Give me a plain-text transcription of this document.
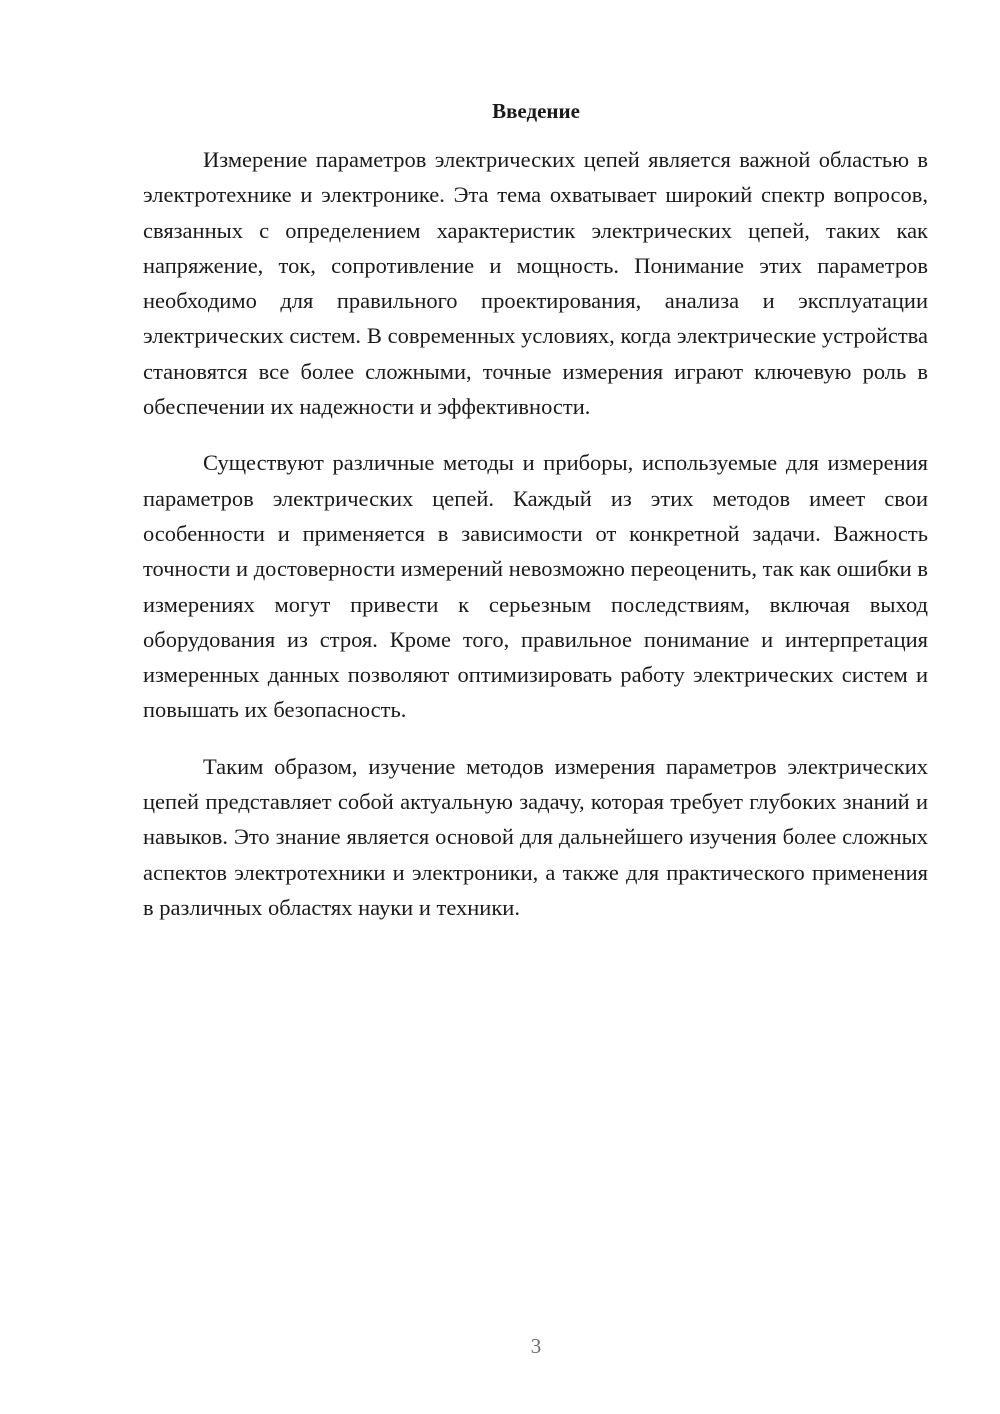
Введение

Измерение параметров электрических цепей является важной областью в электротехнике и электронике. Эта тема охватывает широкий спектр вопросов, связанных с определением характеристик электрических цепей, таких как напряжение, ток, сопротивление и мощность. Понимание этих параметров необходимо для правильного проектирования, анализа и эксплуатации электрических систем. В современных условиях, когда электрические устройства становятся все более сложными, точные измерения играют ключевую роль в обеспечении их надежности и эффективности.

Существуют различные методы и приборы, используемые для измерения параметров электрических цепей. Каждый из этих методов имеет свои особенности и применяется в зависимости от конкретной задачи. Важность точности и достоверности измерений невозможно переоценить, так как ошибки в измерениях могут привести к серьезным последствиям, включая выход оборудования из строя. Кроме того, правильное понимание и интерпретация измеренных данных позволяют оптимизировать работу электрических систем и повышать их безопасность.

Таким образом, изучение методов измерения параметров электрических цепей представляет собой актуальную задачу, которая требует глубоких знаний и навыков. Это знание является основой для дальнейшего изучения более сложных аспектов электротехники и электроники, а также для практического применения в различных областях науки и техники.

3
